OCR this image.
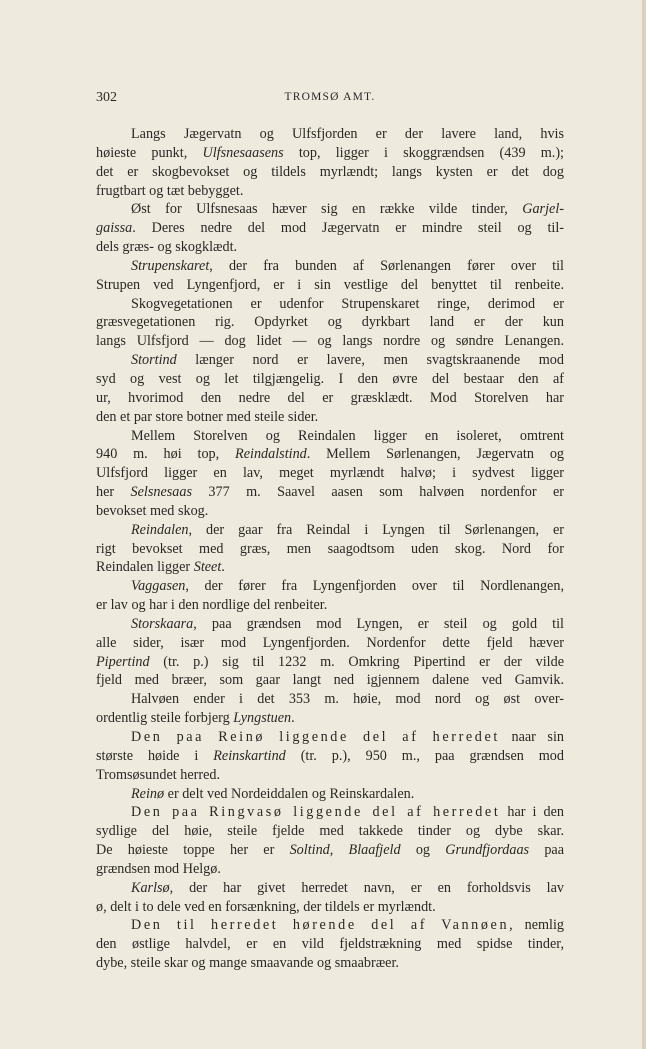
302	TROMSØ AMT.
Langs Jægervatn og Ulfsfjorden er der lavere land, hvis
høieste punkt, Ulfsnesaasens top, ligger i skoggrændsen (439 m.);
det er skogbevokset og tildels myrlændt; langs kysten er det dog
frugtbart og tæt bebygget.
Øst for Ulfsnesaas hæver sig en række vilde tinder, Garjel-
gaissa. Deres nedre del mod Jægervatn er mindre steil og til-
dels græs- og skogklædt.
Strupenskaret, der fra bunden af Sørlenangen fører over til
Strupen ved Lyngenfjord, er i sin vestlige del benyttet til renbeite.
Skogvegetationen er udenfor Strupenskaret ringe, derimod er
græsvegetationen rig. Opdyrket og dyrkbart land er der kun
langs Ulfsfjord — dog lidet — og langs nordre og søndre Lenangen.
Stortind længer nord er lavere, men svagtskraanende mod
syd og vest og let tilgjængelig. I den øvre del bestaar den af
ur, hvorimod den nedre del er græsklædt. Mod Storelven har
den et par store botner med steile sider.
Mellem Storelven og Reindalen ligger en isoleret, omtrent
940 m. høi top, Reindalstind. Mellem Sørlenangen, Jægervatn og
Ulfsfjord ligger en lav, meget myrlændt halvø; i sydvest ligger
her Selsnesaas 377 m. Saavel aasen som halvøen nordenfor er
bevokset med skog.
Reindalen, der gaar fra Reindal i Lyngen til Sørlenangen, er
rigt bevokset med græs, men saagodtsom uden skog. Nord for
Reindalen ligger Steet.
Vaggasen, der fører fra Lyngenfjorden over til Nordlenangen,
er lav og har i den nordlige del renbeiter.
Storskaara, paa grændsen mod Lyngen, er steil og gold til
alle sider, især mod Lyngenfjorden. Nordenfor dette fjeld hæver
Pipertind (tr. p.) sig til 1232 m. Omkring Pipertind er der vilde
fjeld med bræer, som gaar langt ned igjennem dalene ved Gamvik.
Halvøen ender i det 353 m. høie, mod nord og øst over-
ordentlig steile forbjerg Lyngstuen.
Den paa Reinø liggende del af herredet naar sin
største høide i Reinskartind (tr. p.), 950 m., paa grændsen mod
Tromsøsundet herred.
Reinø er delt ved Nordeiddalen og Reinskardalen.
Den paa Ringvasø liggende del af herredet har i den
sydlige del høie, steile fjelde med takkede tinder og dybe skar.
De høieste toppe her er Soltind, Blaafjeld og Grundfjordaas paa
grændsen mod Helgø.
Karlsø, der har givet herredet navn, er en forholdsvis lav
ø, delt i to dele ved en forsænkning, der tildels er myrlændt.
Den til herredet hørende del af Vannøen, nemlig
den østlige halvdel, er en vild fjeldstrækning med spidse tinder,
dybe, steile skar og mange smaavande og smaabræer.
